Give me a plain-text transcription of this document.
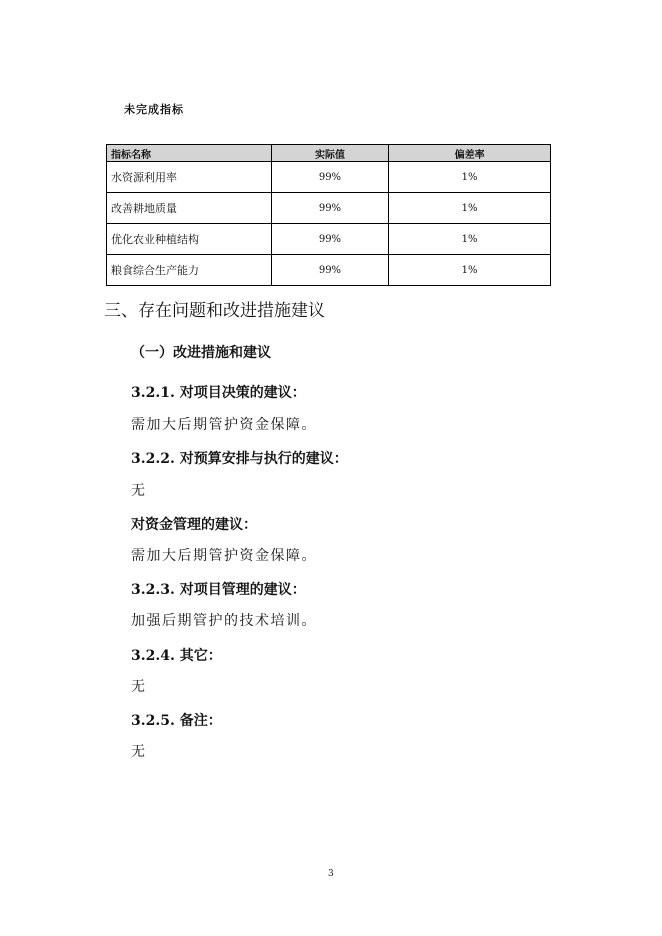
未完成指标
指标名称	实际值	偏差率
水资源利用率	99%	1%
改善耕地质量	99%	1%
优化农业种植结构	99%	1%
粮食综合生产能力	99%	1%
三、存在问题和改进措施建议
（一）改进措施和建议
3.2.1. 对项目决策的建议：
需加大后期管护资金保障。
3.2.2. 对预算安排与执行的建议：
无
对资金管理的建议：
需加大后期管护资金保障。
3.2.3. 对项目管理的建议：
加强后期管护的技术培训。
3.2.4. 其它：
无
3.2.5. 备注：
无
3
